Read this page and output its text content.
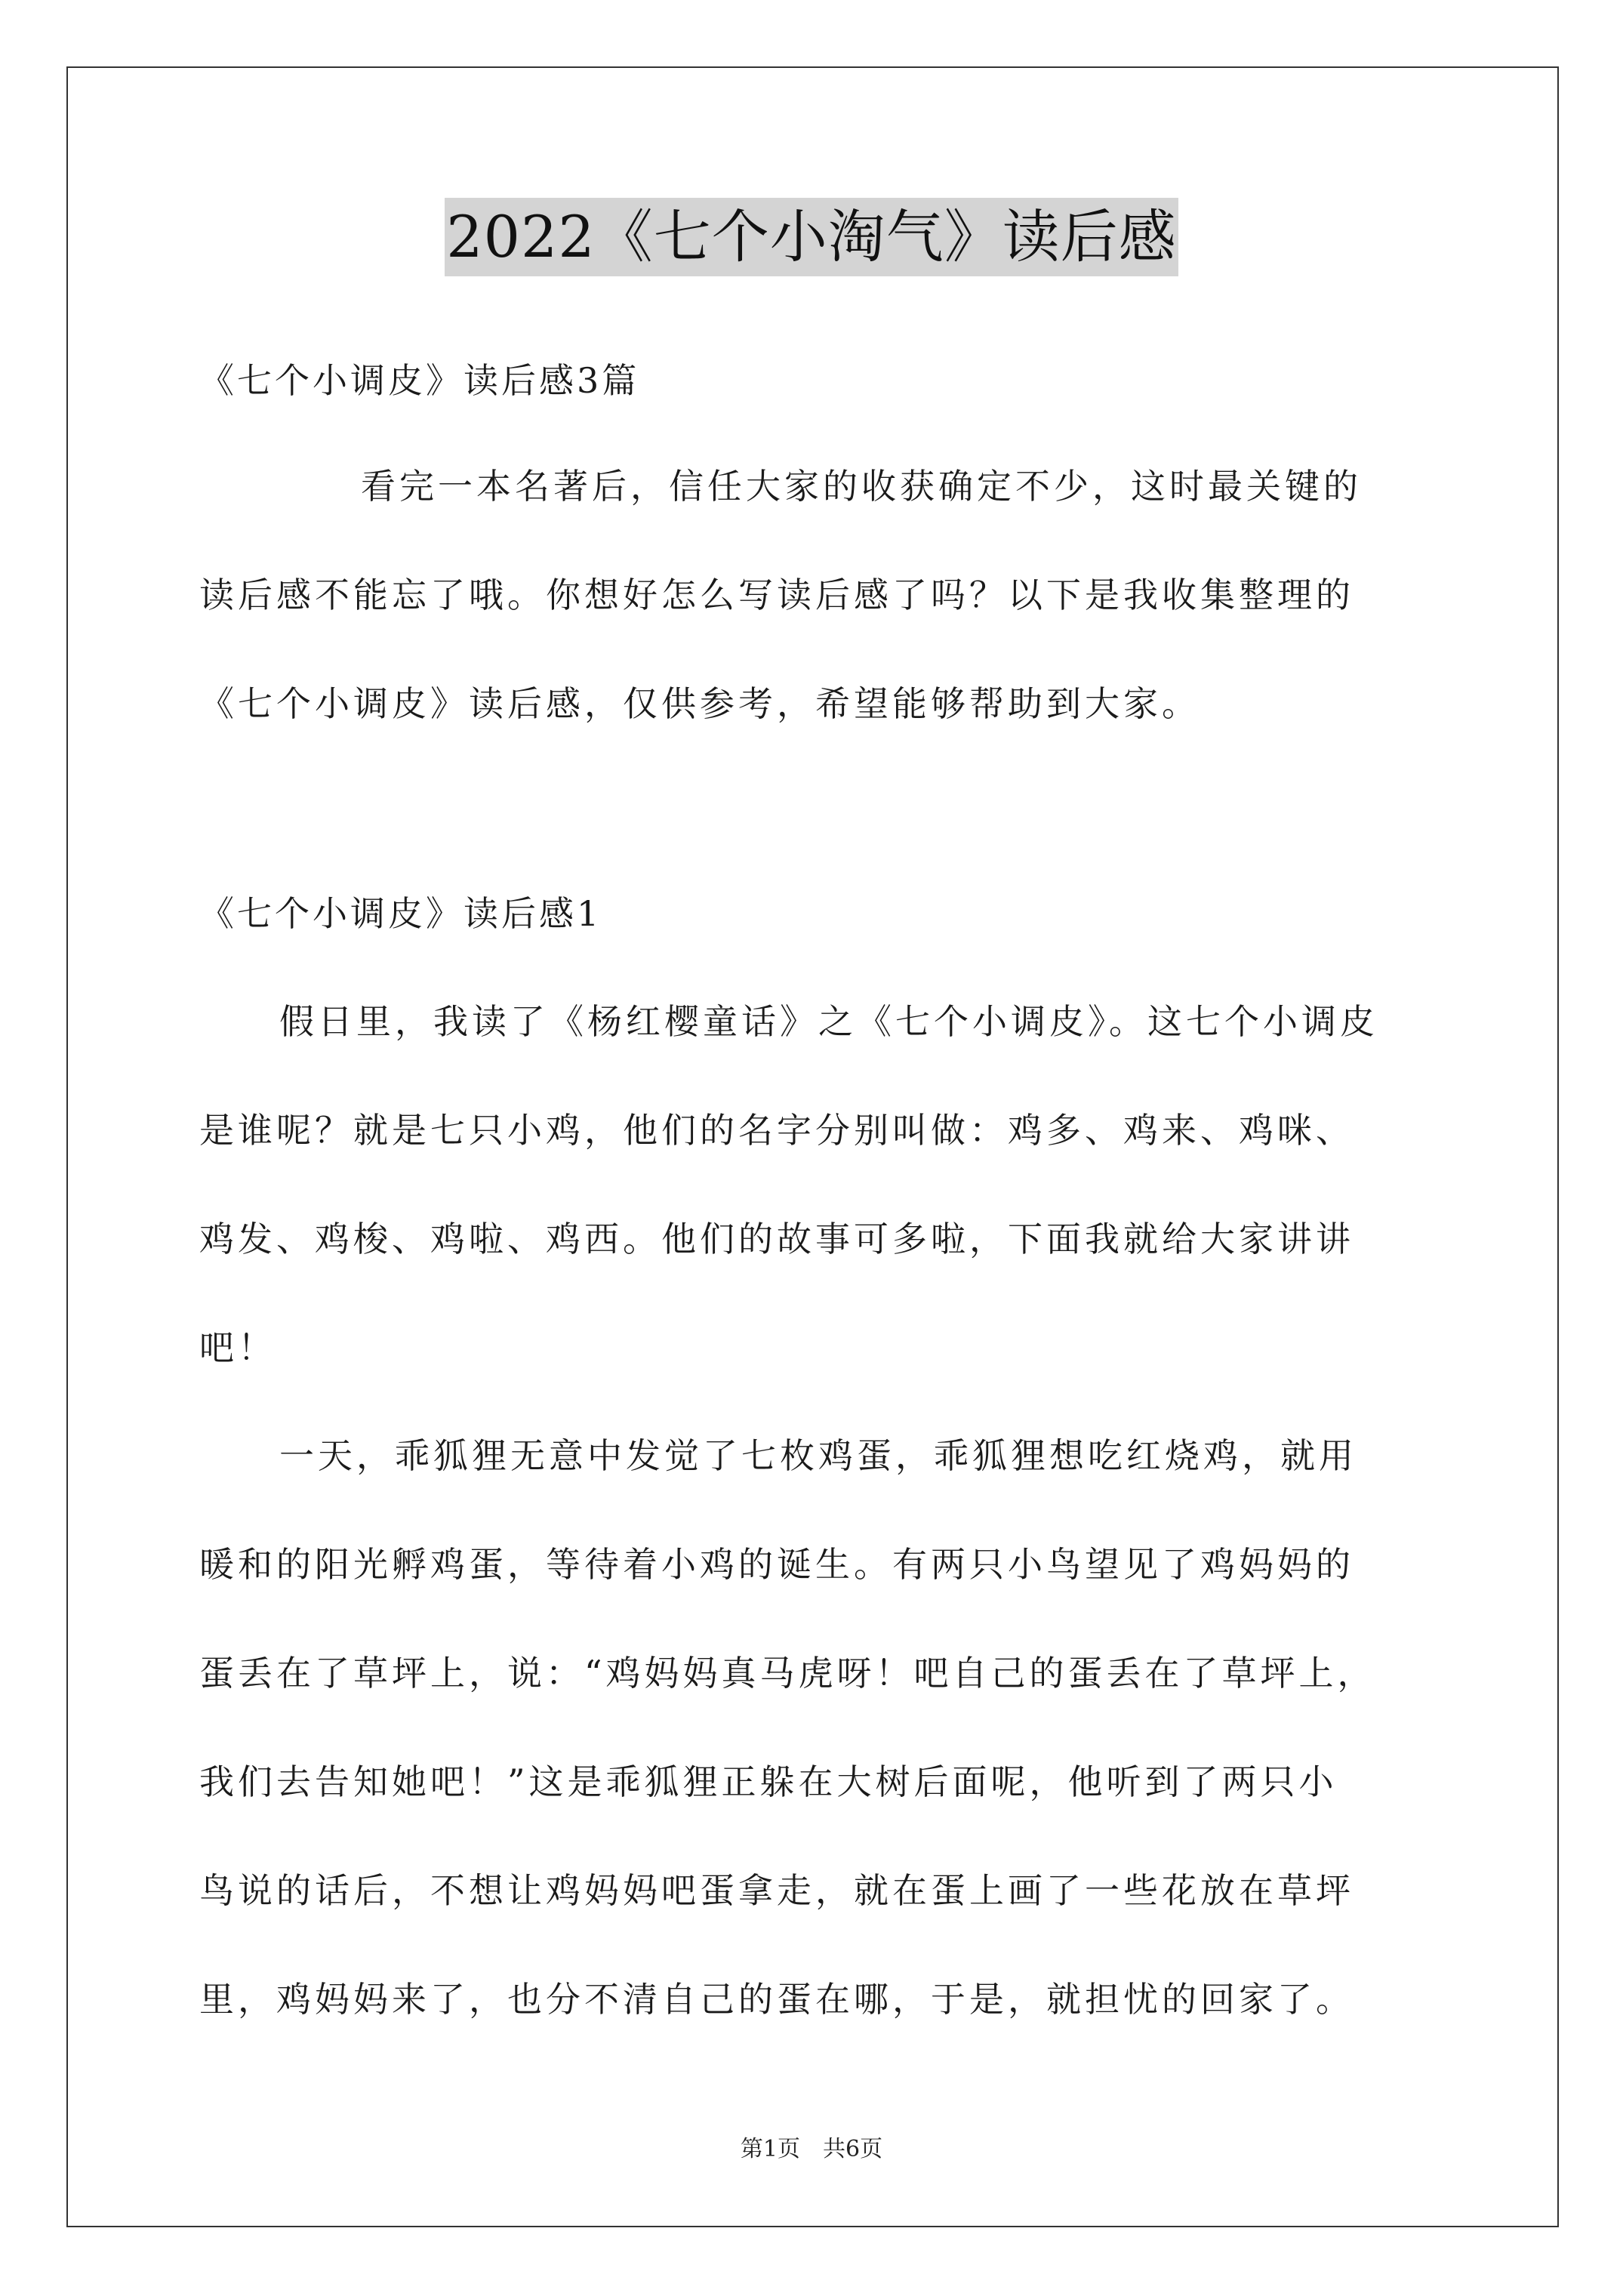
2022《七个小淘气》读后感
《七个小调皮》读后感3篇
看完一本名著后，信任大家的收获确定不少，这时最关键的
读后感不能忘了哦。你想好怎么写读后感了吗？以下是我收集整理的
《七个小调皮》读后感，仅供参考，希望能够帮助到大家。
《七个小调皮》读后感1
假日里，我读了《杨红樱童话》之《七个小调皮》。这七个小调皮
是谁呢？就是七只小鸡，他们的名字分别叫做：鸡多、鸡来、鸡咪、
鸡发、鸡梭、鸡啦、鸡西。他们的故事可多啦，下面我就给大家讲讲
吧！
一天，乖狐狸无意中发觉了七枚鸡蛋，乖狐狸想吃红烧鸡，就用
暖和的阳光孵鸡蛋，等待着小鸡的诞生。有两只小鸟望见了鸡妈妈的
蛋丢在了草坪上，说：“鸡妈妈真马虎呀！吧自己的蛋丢在了草坪上，
我们去告知她吧！”这是乖狐狸正躲在大树后面呢，他听到了两只小
鸟说的话后，不想让鸡妈妈吧蛋拿走，就在蛋上画了一些花放在草坪
里，鸡妈妈来了，也分不清自己的蛋在哪，于是，就担忧的回家了。
第1页　共6页
